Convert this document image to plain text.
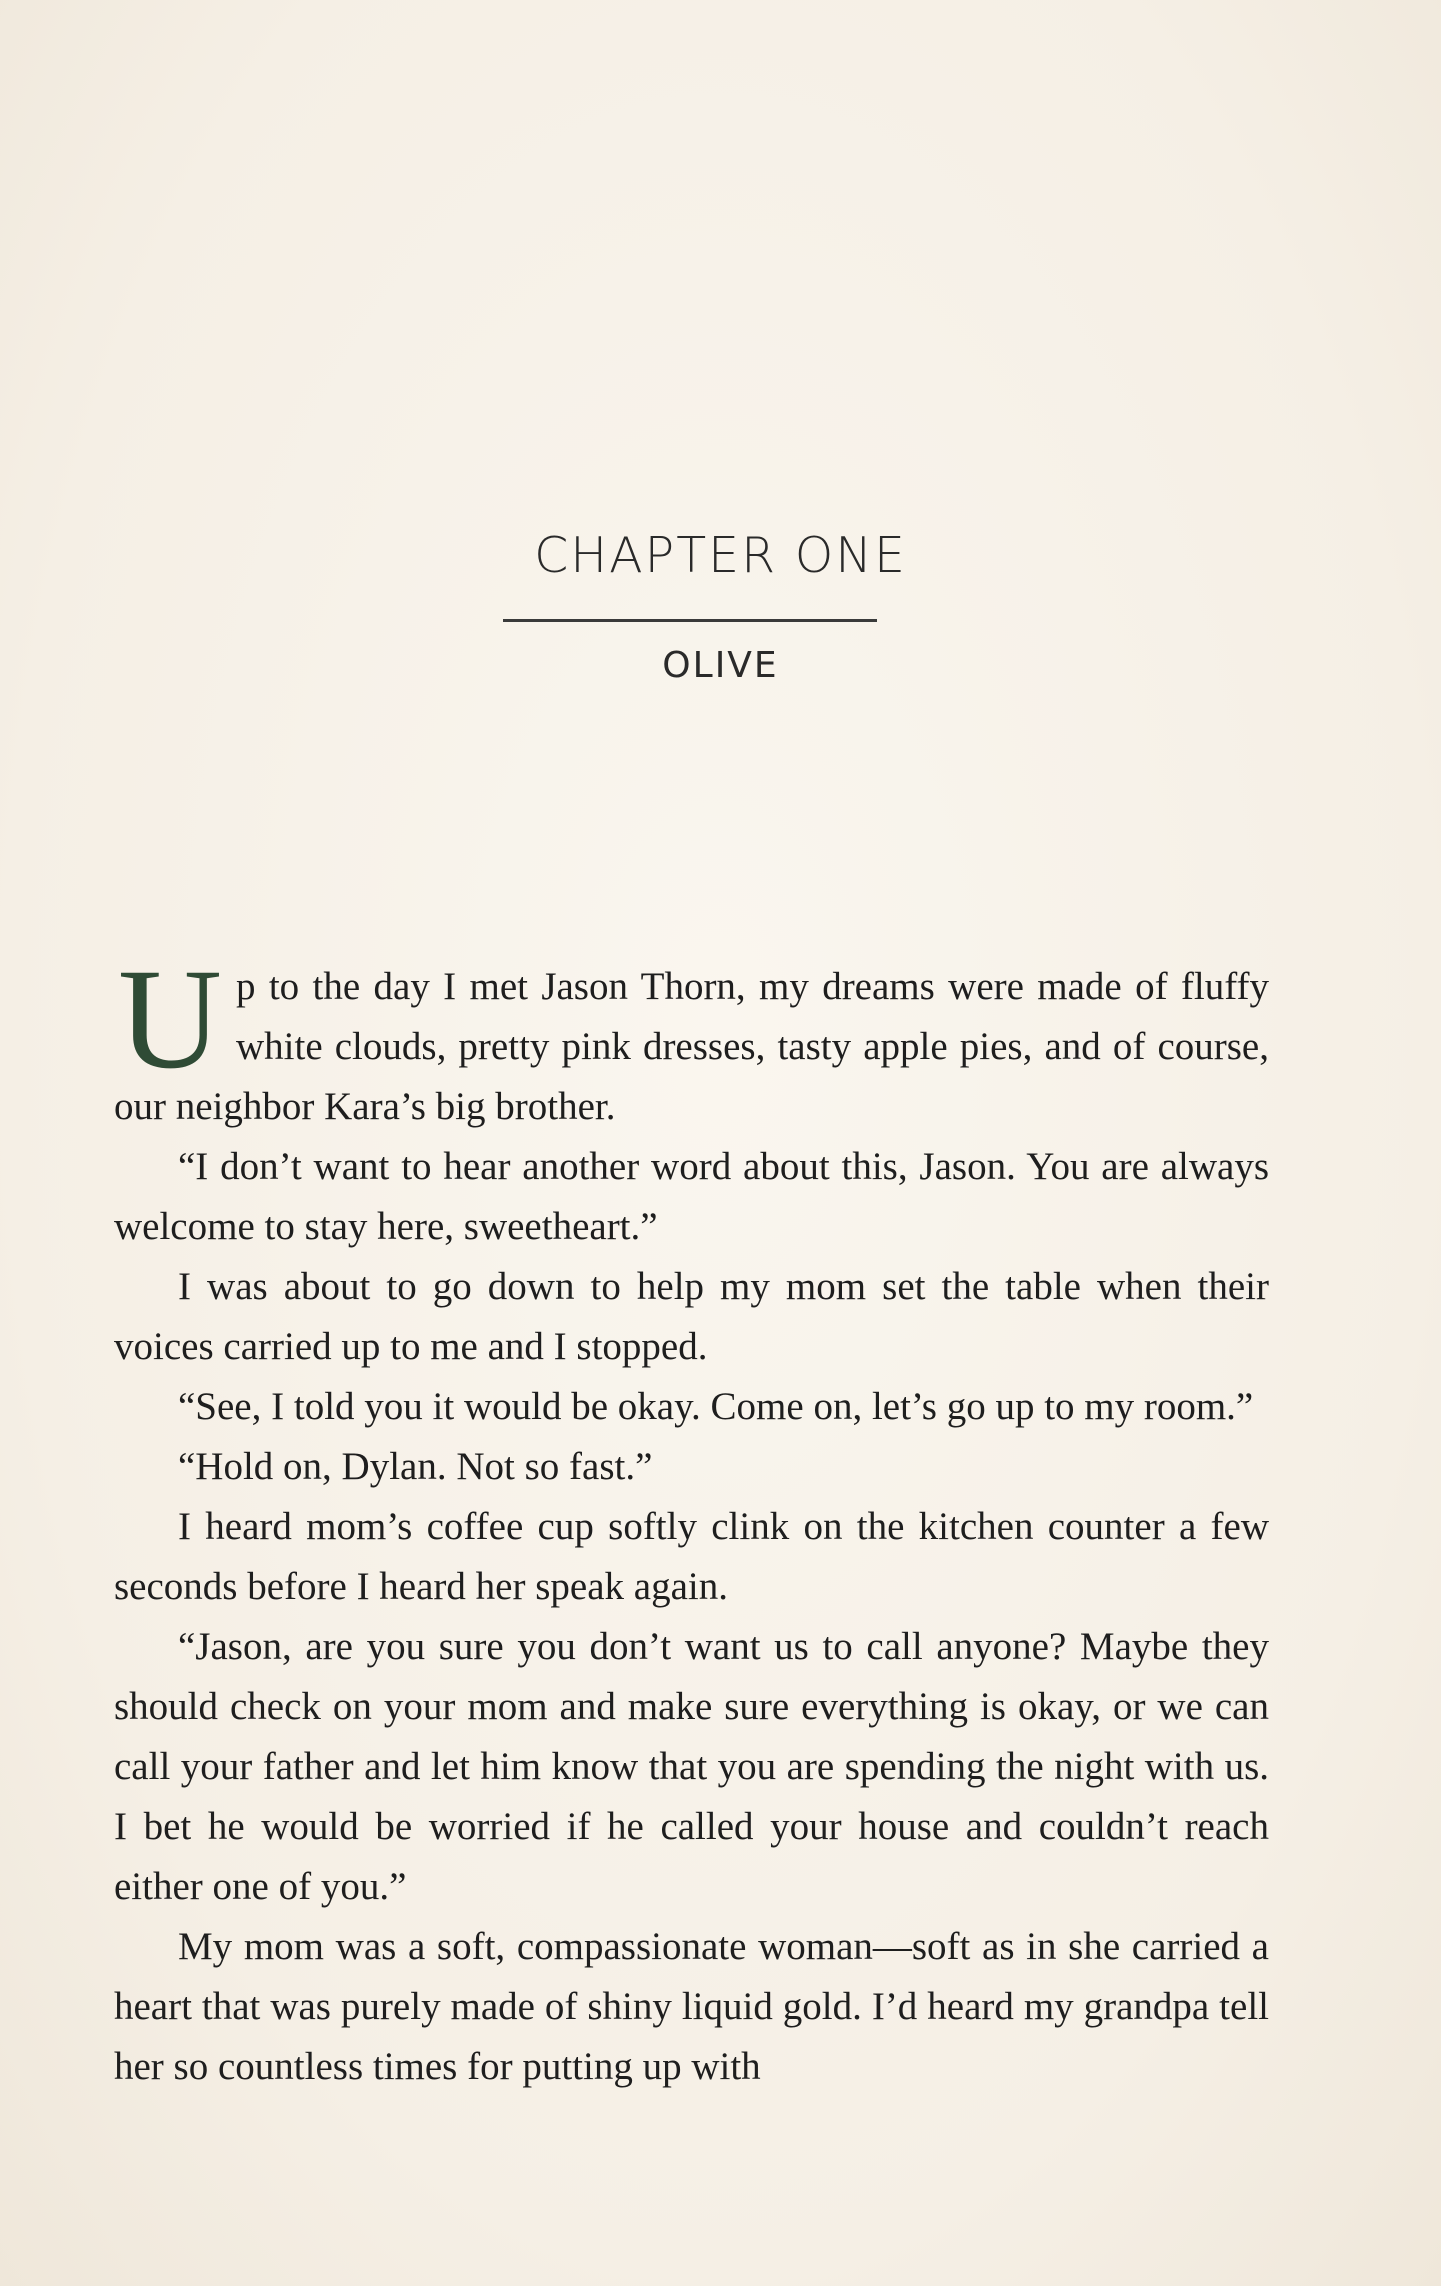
CHAPTER ONE
OLIVE

Up to the day I met Jason Thorn, my dreams were made of fluffy white clouds, pretty pink dresses, tasty apple pies, and of course, our neighbor Kara’s big brother.

“I don’t want to hear another word about this, Jason. You are always welcome to stay here, sweetheart.”

I was about to go down to help my mom set the table when their voices carried up to me and I stopped.

“See, I told you it would be okay. Come on, let’s go up to my room.”

“Hold on, Dylan. Not so fast.”

I heard mom’s coffee cup softly clink on the kitchen counter a few seconds before I heard her speak again.

“Jason, are you sure you don’t want us to call anyone? Maybe they should check on your mom and make sure everything is okay, or we can call your father and let him know that you are spending the night with us. I bet he would be worried if he called your house and couldn’t reach either one of you.”

My mom was a soft, compassionate woman—soft as in she carried a heart that was purely made of shiny liquid gold. I’d heard my grandpa tell her so countless times for putting up with
